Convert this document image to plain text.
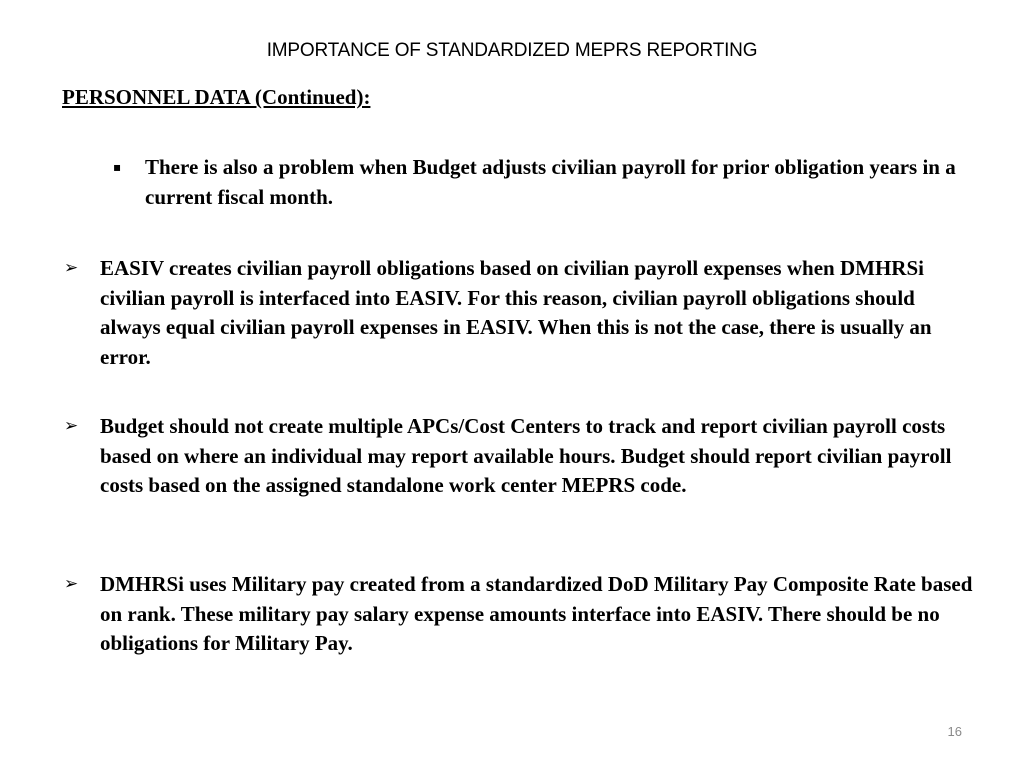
IMPORTANCE OF STANDARDIZED MEPRS REPORTING
PERSONNEL DATA (Continued):
▪ There is also a problem when Budget adjusts civilian payroll for prior obligation years in a current fiscal month.
➢ EASIV creates civilian payroll obligations based on civilian payroll expenses when DMHRSi civilian payroll is interfaced into EASIV. For this reason, civilian payroll obligations should always equal civilian payroll expenses in EASIV. When this is not the case, there is usually an error.
➢ Budget should not create multiple APCs/Cost Centers to track and report civilian payroll costs based on where an individual may report available hours. Budget should report civilian payroll costs based on the assigned standalone work center MEPRS code.
➢ DMHRSi uses Military pay created from a standardized DoD Military Pay Composite Rate based on rank. These military pay salary expense amounts interface into EASIV. There should be no obligations for Military Pay.
16
